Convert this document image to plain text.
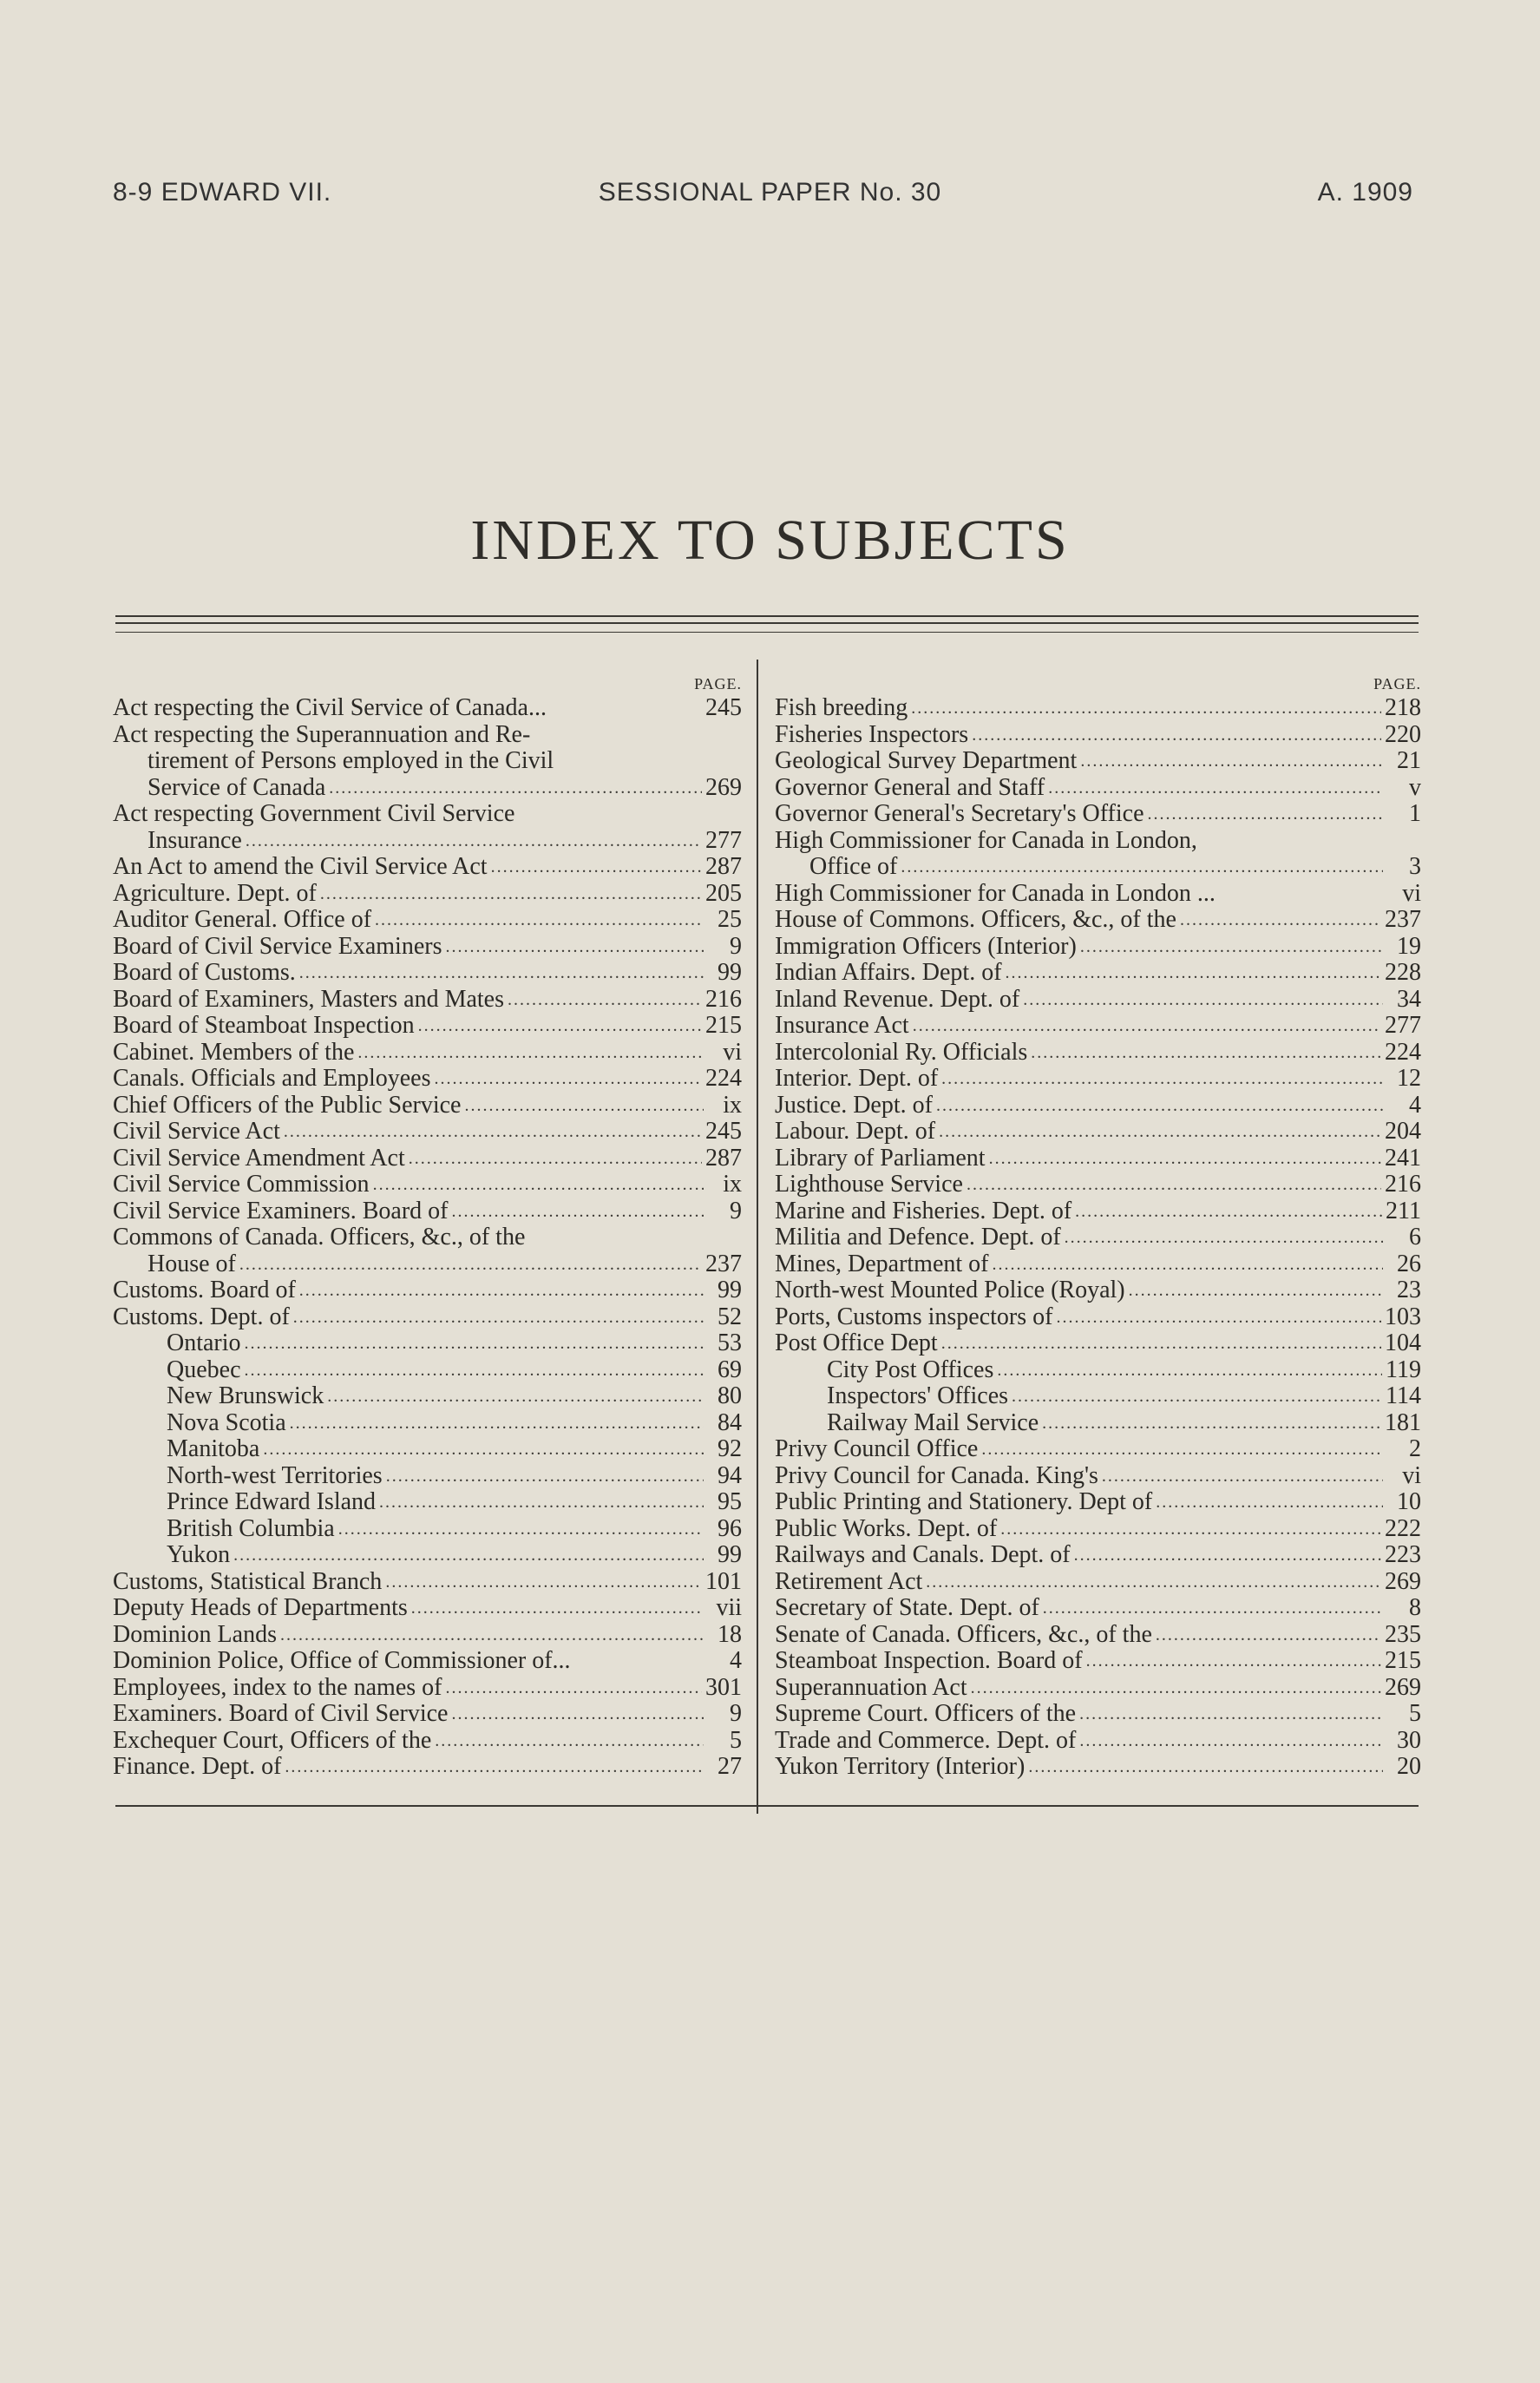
8-9 EDWARD VII.	SESSIONAL PAPER No. 30	A. 1909
INDEX TO SUBJECTS
PAGE.
Act respecting the Civil Service of Canada...	245
Act respecting the Superannuation and Re-
tirement of Persons employed in the Civil
Service of Canada .....	269
Act respecting Government Civil Service
Insurance .....	277
An Act to amend the Civil Service Act .....	287
Agriculture. Dept. of .....	205
Auditor General. Office of .....	25
Board of Civil Service Examiners .....	9
Board of Customs. .....	99
Board of Examiners, Masters and Mates .....	216
Board of Steamboat Inspection .....	215
Cabinet. Members of the .....	vi
Canals. Officials and Employees .....	224
Chief Officers of the Public Service .....	ix
Civil Service Act .....	245
Civil Service Amendment Act .....	287
Civil Service Commission .....	ix
Civil Service Examiners. Board of .....	9
Commons of Canada. Officers, &c., of the
House of .....	237
Customs. Board of .....	99
Customs. Dept. of .....	52
Ontario .....	53
Quebec .....	69
New Brunswick .....	80
Nova Scotia .....	84
Manitoba .....	92
North-west Territories .....	94
Prince Edward Island .....	95
British Columbia .....	96
Yukon .....	99
Customs, Statistical Branch .....	101
Deputy Heads of Departments .....	vii
Dominion Lands .....	18
Dominion Police, Office of Commissioner of...	4
Employees, index to the names of .....	301
Examiners. Board of Civil Service .....	9
Exchequer Court, Officers of the .....	5
Finance. Dept. of .....	27
PAGE.
Fish breeding .....	218
Fisheries Inspectors .....	220
Geological Survey Department .....	21
Governor General and Staff .....	v
Governor General's Secretary's Office .....	1
High Commissioner for Canada in London,
Office of .....	3
High Commissioner for Canada in London ...	vi
House of Commons. Officers, &c., of the .....	237
Immigration Officers (Interior) .....	19
Indian Affairs. Dept. of .....	228
Inland Revenue. Dept. of .....	34
Insurance Act .....	277
Intercolonial Ry. Officials .....	224
Interior. Dept. of .....	12
Justice. Dept. of .....	4
Labour. Dept. of .....	204
Library of Parliament .....	241
Lighthouse Service .....	216
Marine and Fisheries. Dept. of .....	211
Militia and Defence. Dept. of .....	6
Mines, Department of .....	26
North-west Mounted Police (Royal) .....	23
Ports, Customs inspectors of .....	103
Post Office Dept .....	104
City Post Offices .....	119
Inspectors' Offices .....	114
Railway Mail Service .....	181
Privy Council Office .....	2
Privy Council for Canada. King's .....	vi
Public Printing and Stationery. Dept of .....	10
Public Works. Dept. of .....	222
Railways and Canals. Dept. of .....	223
Retirement Act .....	269
Secretary of State. Dept. of .....	8
Senate of Canada. Officers, &c., of the .....	235
Steamboat Inspection. Board of .....	215
Superannuation Act .....	269
Supreme Court. Officers of the .....	5
Trade and Commerce. Dept. of .....	30
Yukon Territory (Interior) .....	20
